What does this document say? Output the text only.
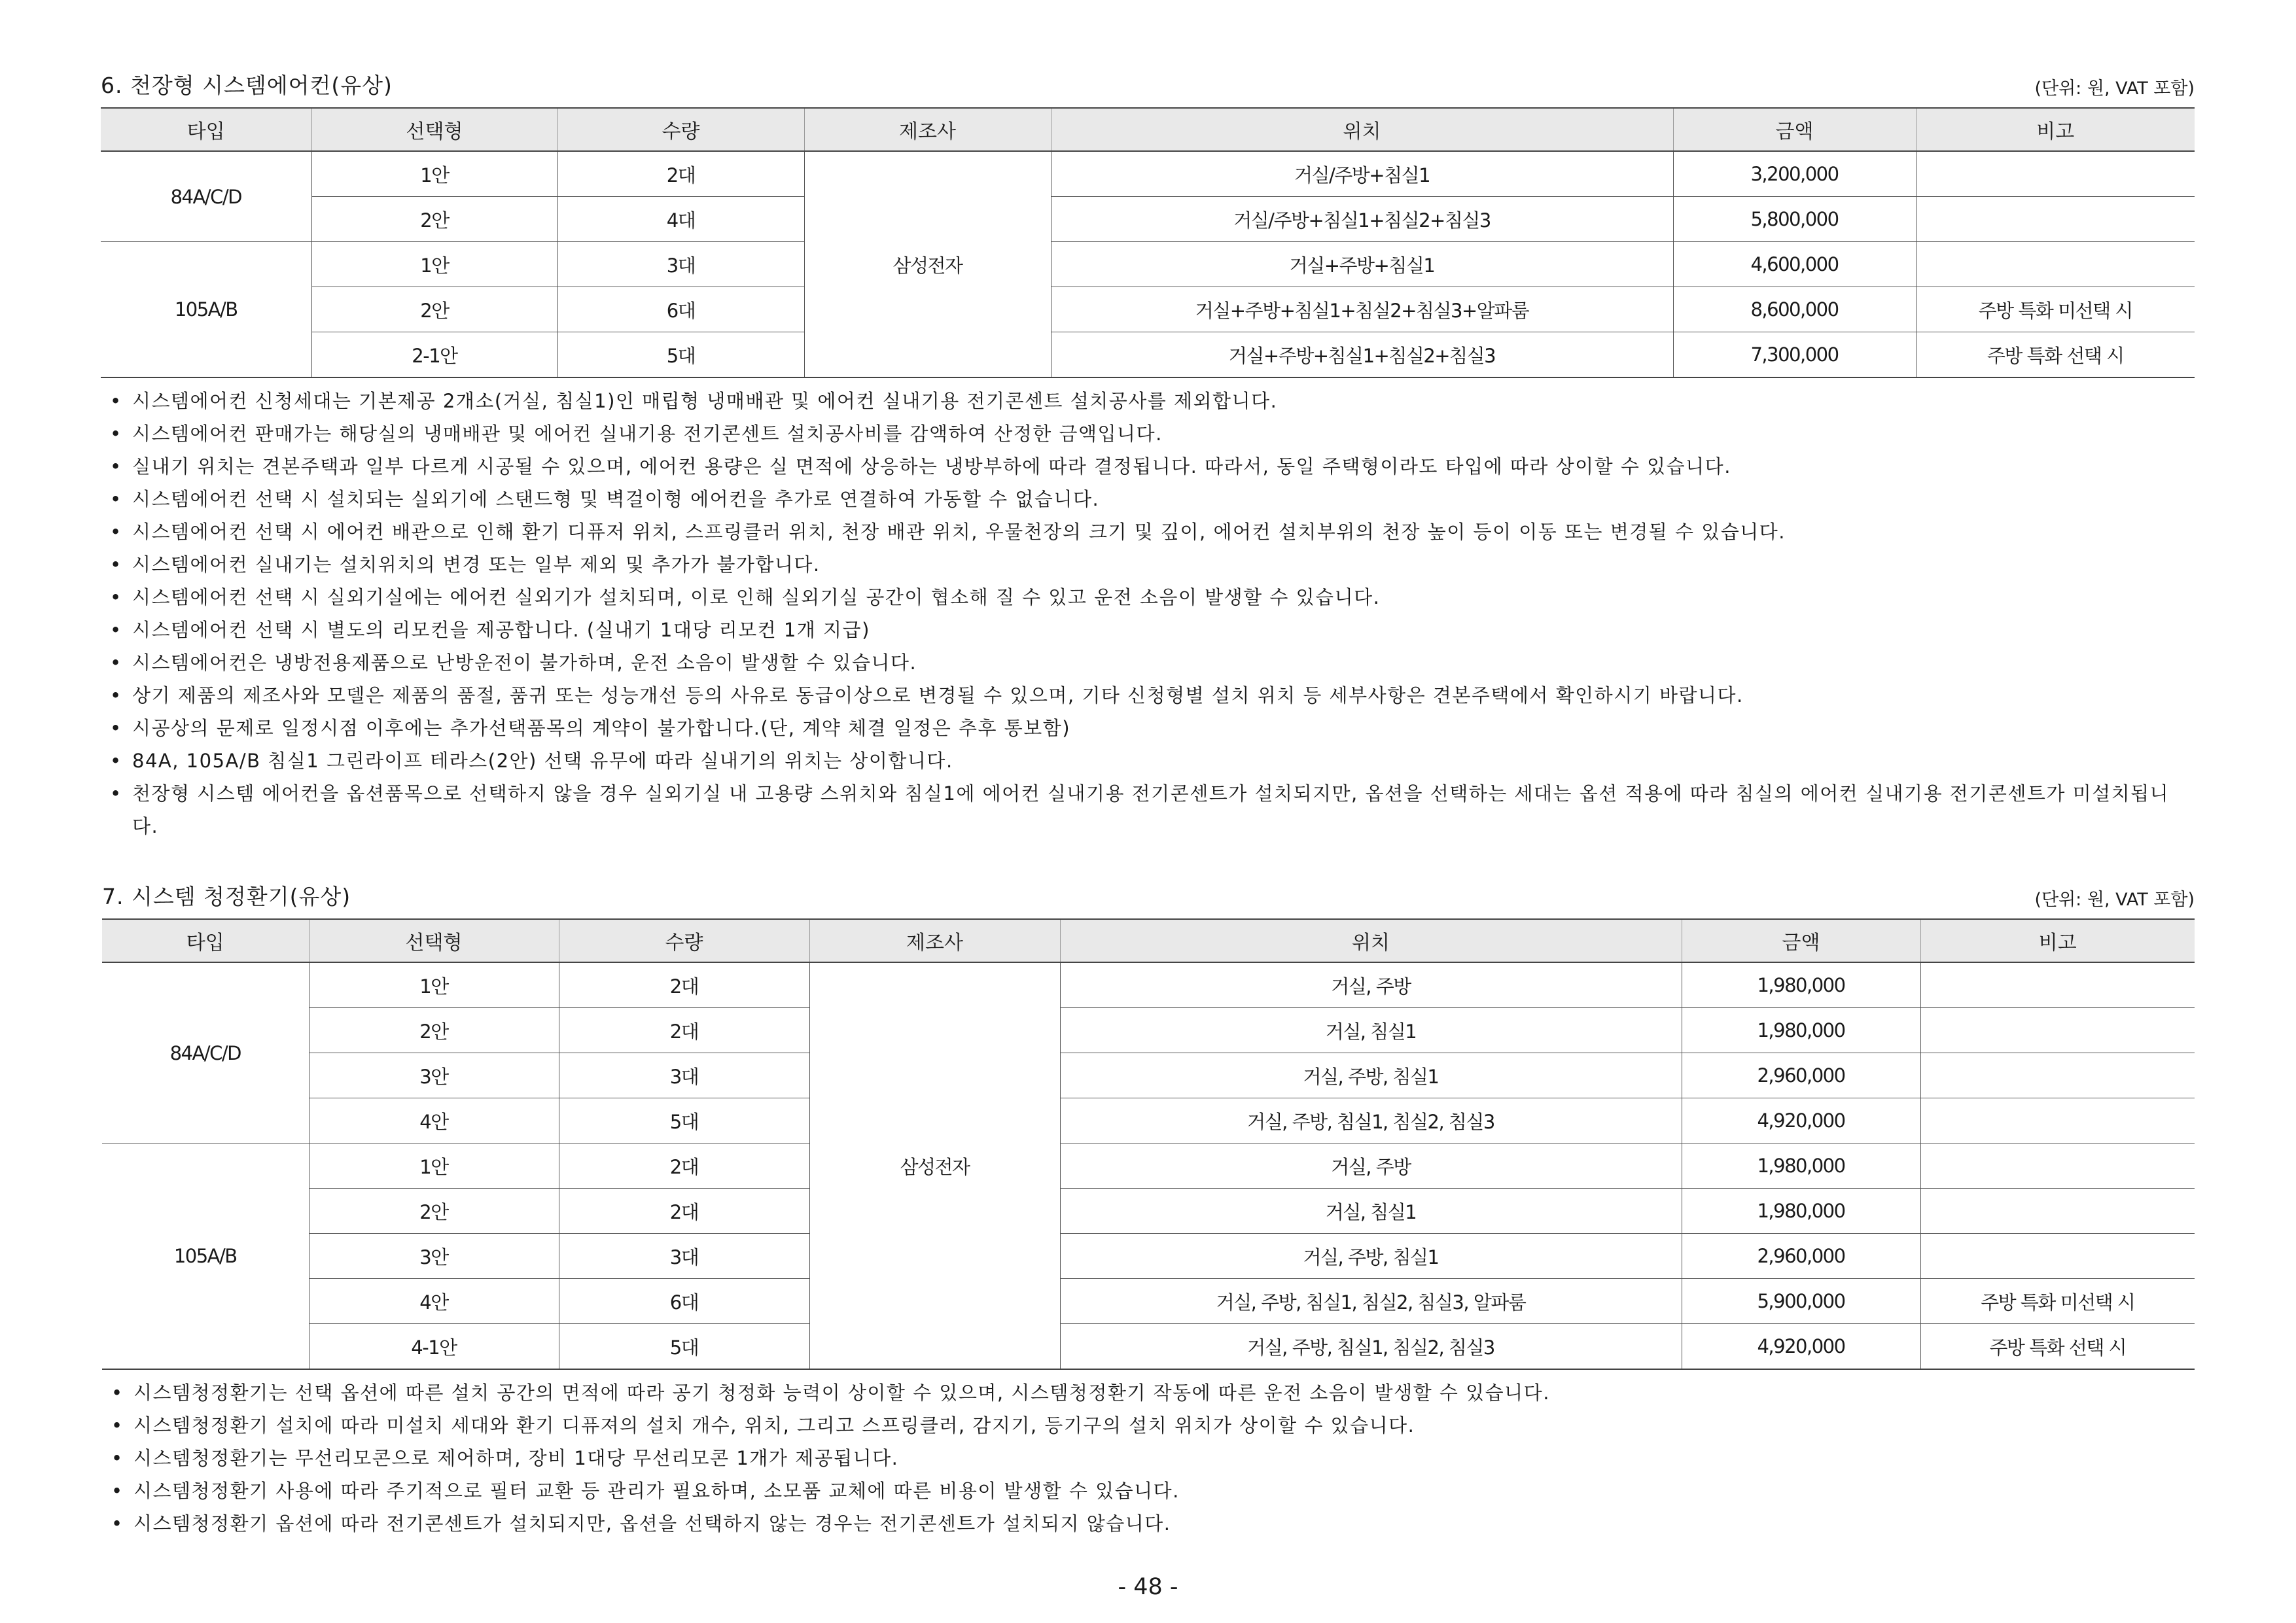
6. 천장형 시스템에어컨(유상)	(단위: 원, VAT 포함)
타입	선택형	수량	제조사	위치	금액	비고
84A/C/D	1안	2대	삼성전자	거실/주방+침실1	3,200,000	
	2안	4대		거실/주방+침실1+침실2+침실3	5,800,000	
105A/B	1안	3대		거실+주방+침실1	4,600,000	
	2안	6대		거실+주방+침실1+침실2+침실3+알파룸	8,600,000	주방 특화 미선택 시
	2-1안	5대		거실+주방+침실1+침실2+침실3	7,300,000	주방 특화 선택 시
• 시스템에어컨 신청세대는 기본제공 2개소(거실, 침실1)인 매립형 냉매배관 및 에어컨 실내기용 전기콘센트 설치공사를 제외합니다.
• 시스템에어컨 판매가는 해당실의 냉매배관 및 에어컨 실내기용 전기콘센트 설치공사비를 감액하여 산정한 금액입니다.
• 실내기 위치는 견본주택과 일부 다르게 시공될 수 있으며, 에어컨 용량은 실 면적에 상응하는 냉방부하에 따라 결정됩니다. 따라서, 동일 주택형이라도 타입에 따라 상이할 수 있습니다.
• 시스템에어컨 선택 시 설치되는 실외기에 스탠드형 및 벽걸이형 에어컨을 추가로 연결하여 가동할 수 없습니다.
• 시스템에어컨 선택 시 에어컨 배관으로 인해 환기 디퓨저 위치, 스프링클러 위치, 천장 배관 위치, 우물천장의 크기 및 깊이, 에어컨 설치부위의 천장 높이 등이 이동 또는 변경될 수 있습니다.
• 시스템에어컨 실내기는 설치위치의 변경 또는 일부 제외 및 추가가 불가합니다.
• 시스템에어컨 선택 시 실외기실에는 에어컨 실외기가 설치되며, 이로 인해 실외기실 공간이 협소해 질 수 있고 운전 소음이 발생할 수 있습니다.
• 시스템에어컨 선택 시 별도의 리모컨을 제공합니다. (실내기 1대당 리모컨 1개 지급)
• 시스템에어컨은 냉방전용제품으로 난방운전이 불가하며, 운전 소음이 발생할 수 있습니다.
• 상기 제품의 제조사와 모델은 제품의 품절, 품귀 또는 성능개선 등의 사유로 동급이상으로 변경될 수 있으며, 기타 신청형별 설치 위치 등 세부사항은 견본주택에서 확인하시기 바랍니다.
• 시공상의 문제로 일정시점 이후에는 추가선택품목의 계약이 불가합니다.(단, 계약 체결 일정은 추후 통보함)
• 84A, 105A/B 침실1 그린라이프 테라스(2안) 선택 유무에 따라 실내기의 위치는 상이합니다.
• 천장형 시스템 에어컨을 옵션품목으로 선택하지 않을 경우 실외기실 내 고용량 스위치와 침실1에 에어컨 실내기용 전기콘센트가 설치되지만, 옵션을 선택하는 세대는 옵션 적용에 따라 침실의 에어컨 실내기용 전기콘센트가 미설치됩니다.
7. 시스템 청정환기(유상)	(단위: 원, VAT 포함)
타입	선택형	수량	제조사	위치	금액	비고
84A/C/D	1안	2대	삼성전자	거실, 주방	1,980,000	
	2안	2대		거실, 침실1	1,980,000	
	3안	3대		거실, 주방, 침실1	2,960,000	
	4안	5대		거실, 주방, 침실1, 침실2, 침실3	4,920,000	
105A/B	1안	2대		거실, 주방	1,980,000	
	2안	2대		거실, 침실1	1,980,000	
	3안	3대		거실, 주방, 침실1	2,960,000	
	4안	6대		거실, 주방, 침실1, 침실2, 침실3, 알파룸	5,900,000	주방 특화 미선택 시
	4-1안	5대		거실, 주방, 침실1, 침실2, 침실3	4,920,000	주방 특화 선택 시
• 시스템청정환기는 선택 옵션에 따른 설치 공간의 면적에 따라 공기 청정화 능력이 상이할 수 있으며, 시스템청정환기 작동에 따른 운전 소음이 발생할 수 있습니다.
• 시스템청정환기 설치에 따라 미설치 세대와 환기 디퓨져의 설치 개수, 위치, 그리고 스프링클러, 감지기, 등기구의 설치 위치가 상이할 수 있습니다.
• 시스템청정환기는 무선리모콘으로 제어하며, 장비 1대당 무선리모콘 1개가 제공됩니다.
• 시스템청정환기 사용에 따라 주기적으로 필터 교환 등 관리가 필요하며, 소모품 교체에 따른 비용이 발생할 수 있습니다.
• 시스템청정환기 옵션에 따라 전기콘센트가 설치되지만, 옵션을 선택하지 않는 경우는 전기콘센트가 설치되지 않습니다.
- 48 -
